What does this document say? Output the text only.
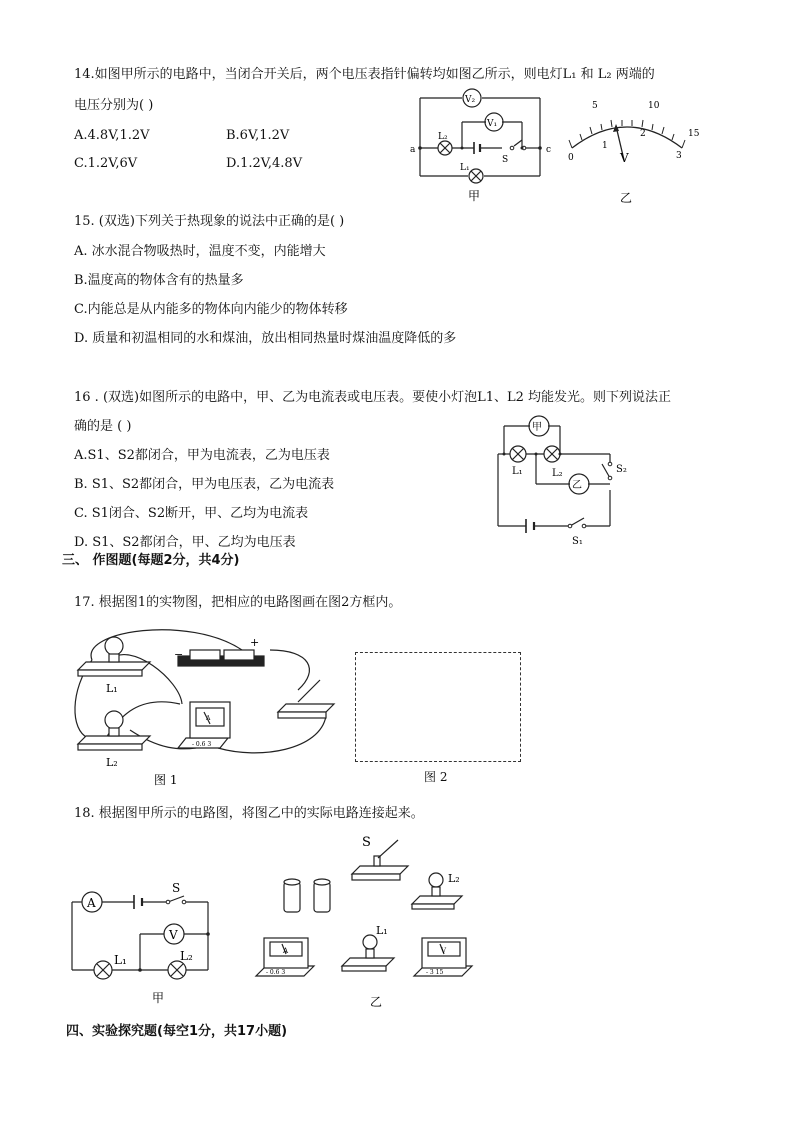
14.如图甲所示的电路中，当闭合开关后，两个电压表指针偏转均如图乙所示，则电灯L₁ 和 L₂ 两端的
电压分别为( )
A.4.8V,1.2V	B.6V,1.2V
C.1.2V,6V	D.1.2V,4.8V
V₂
V₁
L₂
L₁
S
a	c
甲
5	10
15
0
1
2
3
V
乙
15. (双选)下列关于热现象的说法中正确的是( )
A. 冰水混合物吸热时，温度不变，内能增大
B.温度高的物体含有的热量多
C.内能总是从内能多的物体向内能少的物体转移
D. 质量和初温相同的水和煤油，放出相同热量时煤油温度降低的多
16 . (双选)如图所示的电路中，甲、乙为电流表或电压表。要使小灯泡L1、L2 均能发光。则下列说法正
确的是 ( )
A.S1、S2都闭合，甲为电流表，乙为电压表
B. S1、S2都闭合，甲为电压表，乙为电流表
C. S1闭合、S2断开，甲、乙均为电流表
D. S1、S2都闭合，甲、乙均为电压表
甲
乙
L₁	L₂	S₂
S₁
三、 作图题(每题2分，共4分)
17. 根据图1的实物图，把相应的电路图画在图2方框内。
−
+
L₁
L₂
A
- 0.6 3
图 1	图 2
18. 根据图甲所示的电路图，将图乙中的实际电路连接起来。
A
V
S
L₁	L₂
甲
S
L₂
L₁
A	V
- 0.6 3	- 3 15
乙
四、实验探究题(每空1分，共17小题)
